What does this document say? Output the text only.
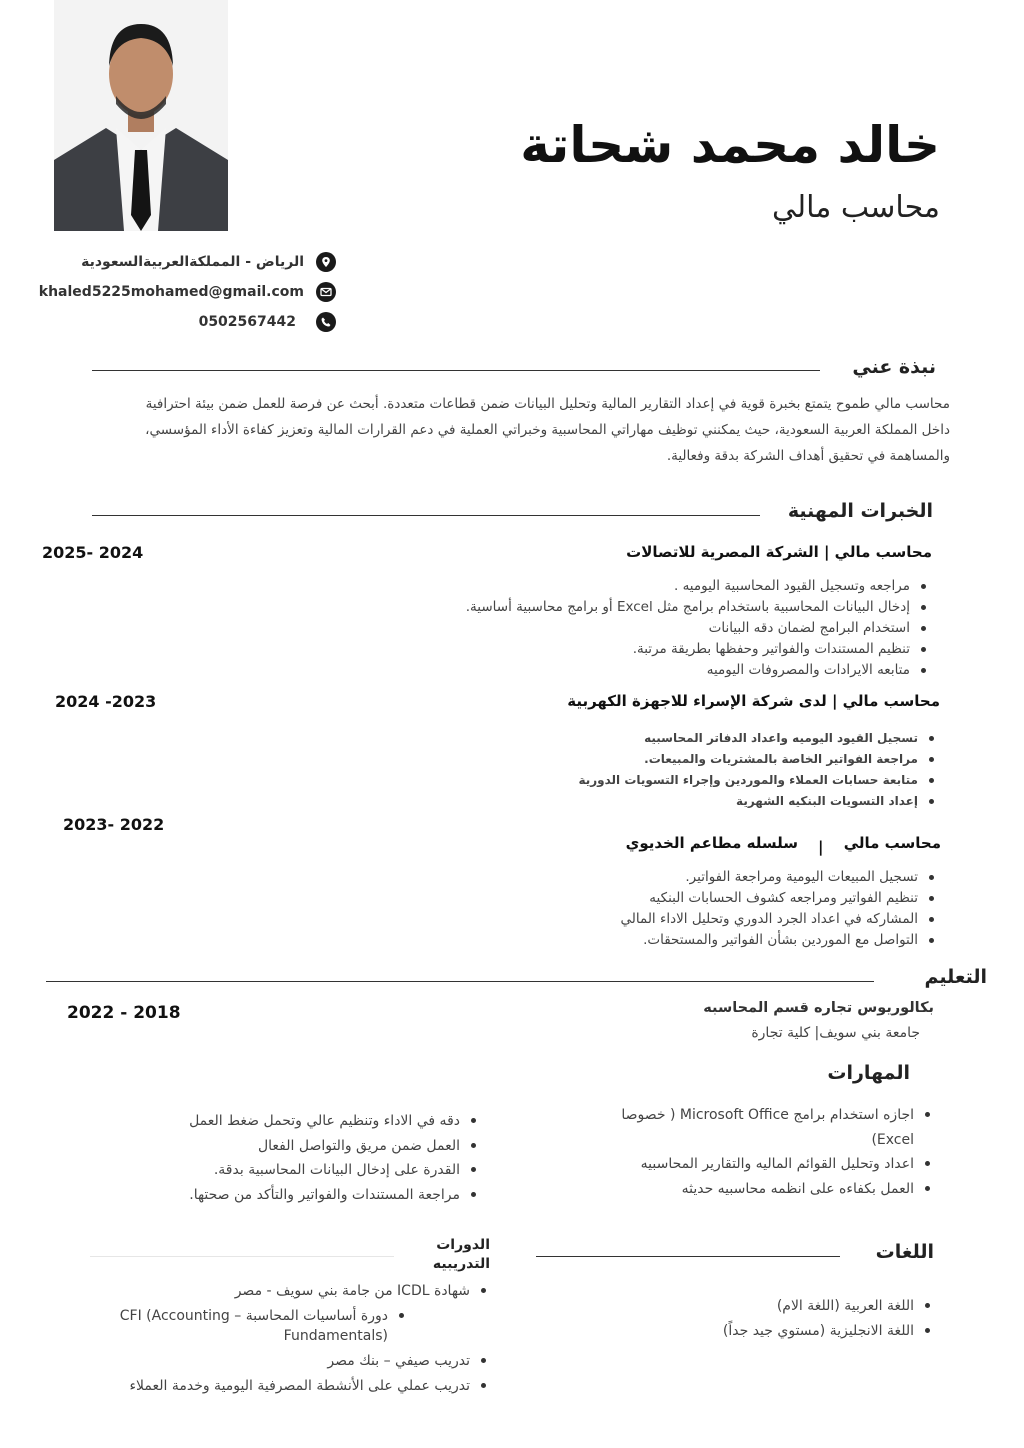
خالد محمد شحاتة
محاسب مالي
الرياض - المملكةالعربيةالسعودية
khaled5225mohamed@gmail.com
0502567442
نبذة عني
محاسب مالي طموح يتمتع بخبرة قوية في إعداد التقارير المالية وتحليل البيانات ضمن قطاعات متعددة. أبحث عن فرصة للعمل ضمن بيئة احترافية داخل المملكة العربية السعودية، حيث يمكنني توظيف مهاراتي المحاسبية وخبراتي العملية في دعم القرارات المالية وتعزيز كفاءة الأداء المؤسسي، والمساهمة في تحقيق أهداف الشركة بدقة وفعالية.
الخبرات المهنية
محاسب مالي | الشركة المصرية للاتصالات
2025- 2024
مراجعه وتسجيل القيود المحاسبية اليوميه .
إدخال البيانات المحاسبية باستخدام برامج مثل Excel أو برامج محاسبية أساسية.
استخدام البرامج لضمان دقه البيانات
تنظيم المستندات والفواتير وحفظها بطريقة مرتبة.
متابعه الايرادات والمصروفات اليوميه
محاسب مالي | لدى شركة الإسراء للاجهزة الكهربية
2024 -2023
تسجيل القيود اليوميه واعداد الدفاتر المحاسبيه
مراجعة الفواتير الخاصة بالمشتريات والمبيعات.
متابعة حسابات العملاء والموردين وإجراء التسويات الدورية
إعداد التسويات البنكيه الشهرية
2023- 2022
محاسب مالي
|
سلسله مطاعم الخديوي
تسجيل المبيعات اليومية ومراجعة الفواتير.
تنظيم الفواتير ومراجعه كشوف الحسابات البنكيه
المشاركه في اعداد الجرد الدوري وتحليل الاداء المالي
التواصل مع الموردين بشأن الفواتير والمستحقات.
التعليم
بكالوريوس تجاره قسم المحاسبه
جامعة بني سويف| كلية تجارة
2022 - 2018
المهارات
اجازه استخدام برامج Microsoft Office ( خصوصا Excel)
اعداد وتحليل القوائم الماليه والتقارير المحاسبيه
العمل بكفاءه على انظمه محاسبيه حديثه
دقه في الاداء وتنظيم عالي وتحمل ضغط العمل
العمل ضمن مريق والتواصل الفعال
القدرة على إدخال البيانات المحاسبية بدقة.
مراجعة المستندات والفواتير والتأكد من صحتها.
اللغات
اللغة العربية (اللغة الام)
اللغة الانجليزية (مستوي جيد جداً)
الدورات
التدريبيه
شهادة ICDL من جامة بني سويف - مصر
دورة أساسيات المحاسبة – CFI (Accounting Fundamentals)
تدريب صيفي – بنك مصر
تدريب عملي على الأنشطة المصرفية اليومية وخدمة العملاء
